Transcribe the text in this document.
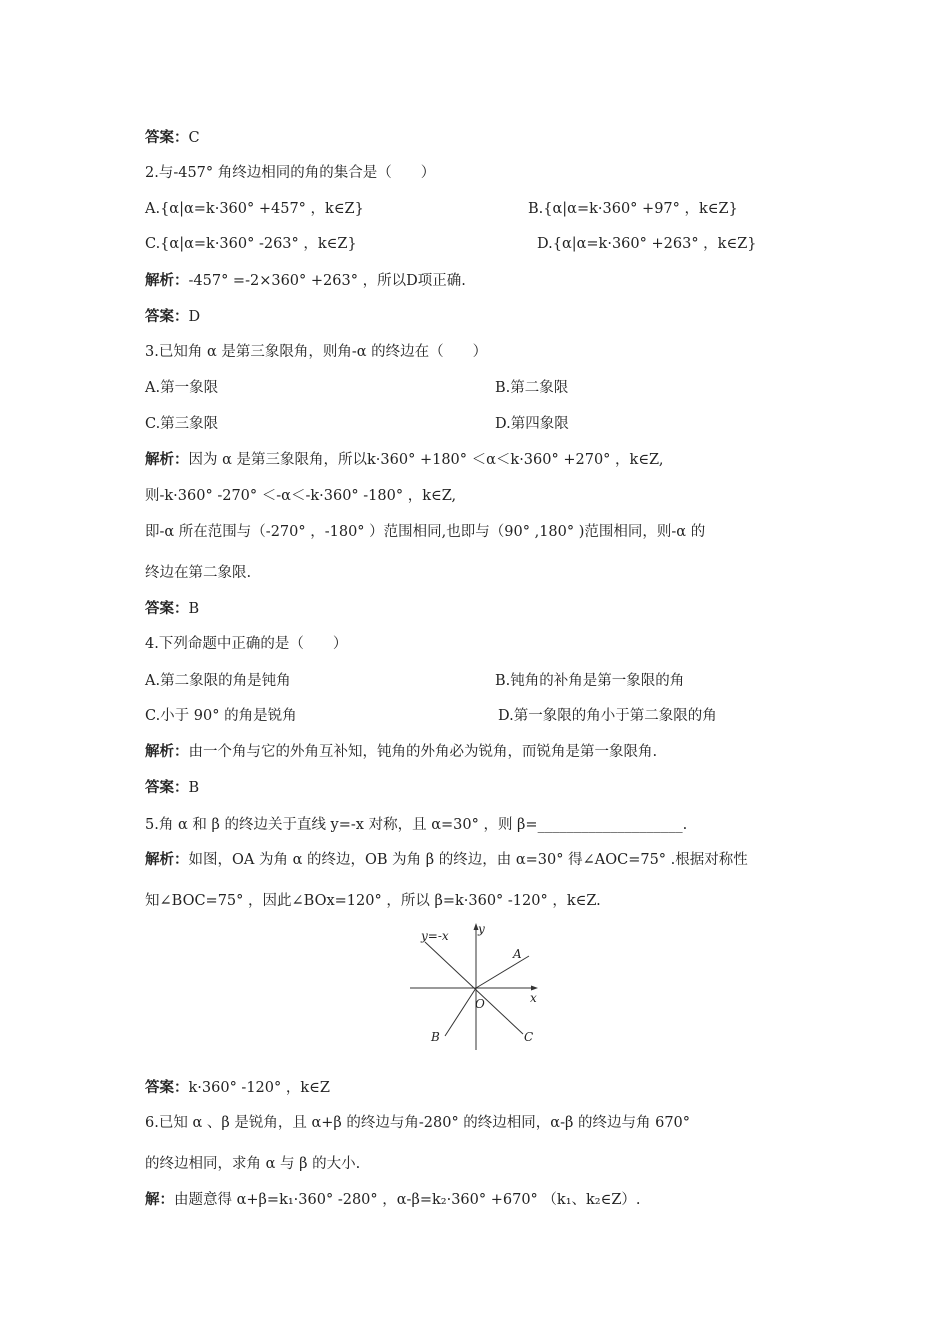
答案：C
2.与-457° 角终边相同的角的集合是（　　）
A.{α|α=k·360° +457° ，k∈Z}	B.{α|α=k·360° +97° ，k∈Z}
C.{α|α=k·360° -263° ，k∈Z}	D.{α|α=k·360° +263° ，k∈Z}
解析：-457° =-2×360° +263° ，所以D项正确.
答案：D
3.已知角 α 是第三象限角，则角-α 的终边在（　　）
A.第一象限	B.第二象限
C.第三象限	D.第四象限
解析：因为 α 是第三象限角，所以k·360° +180° ＜α＜k·360° +270° ，k∈Z,
则-k·360° -270° ＜-α＜-k·360° -180° ，k∈Z,
即-α 所在范围与（-270° ，-180° ）范围相同,也即与（90° ,180° )范围相同，则-α 的
终边在第二象限.
答案：B
4.下列命题中正确的是（　　）
A.第二象限的角是钝角	B.钝角的补角是第一象限的角
C.小于 90° 的角是锐角	D.第一象限的角小于第二象限的角
解析：由一个角与它的外角互补知，钝角的外角必为锐角，而锐角是第一象限角.
答案：B
5.角 α 和 β 的终边关于直线 y=-x 对称，且 α=30° ，则 β=____________________.
解析：如图，OA 为角 α 的终边，OB 为角 β 的终边，由 α=30° 得∠AOC=75° .根据对称性
知∠BOC=75° ，因此∠BOx=120° ，所以 β=k·360° -120° ，k∈Z.
y=-x y
x
O
A
B	C
答案：k·360° -120° ，k∈Z
6.已知 α 、β 是锐角，且 α+β 的终边与角-280° 的终边相同，α-β 的终边与角 670°
的终边相同，求角 α 与 β 的大小.
解：由题意得 α+β=k₁·360° -280° ，α-β=k₂·360° +670° （k₁、k₂∈Z）.
